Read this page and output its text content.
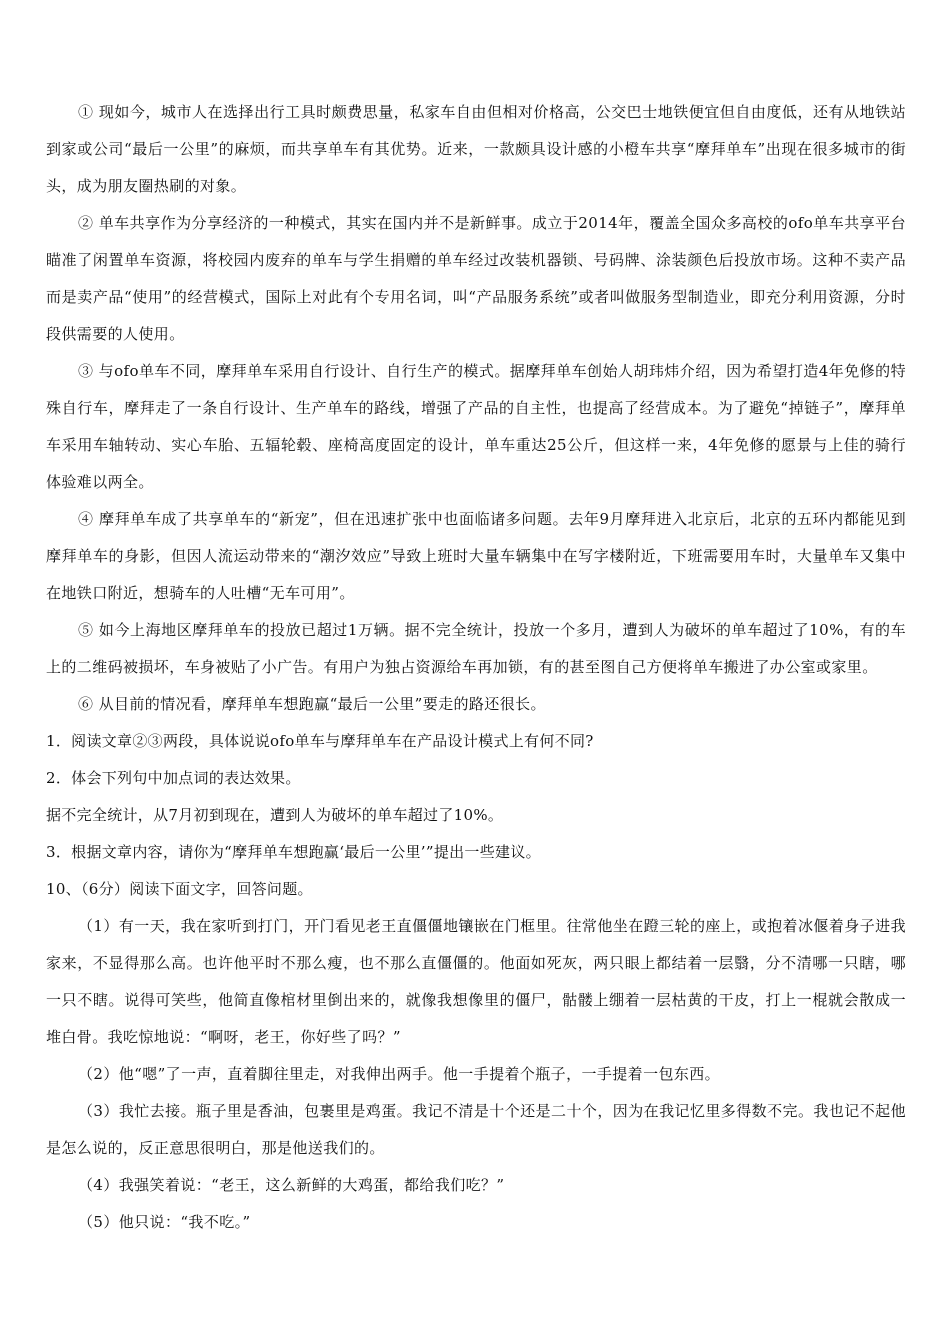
① 现如今，城市人在选择出行工具时颇费思量，私家车自由但相对价格高，公交巴士地铁便宜但自由度低，还有从地铁站到家或公司“最后一公里”的麻烦，而共享单车有其优势。近来，一款颇具设计感的小橙车共享“摩拜单车”出现在很多城市的街头，成为朋友圈热刷的对象。

② 单车共享作为分享经济的一种模式，其实在国内并不是新鲜事。成立于2014年，覆盖全国众多高校的ofo单车共享平台瞄准了闲置单车资源，将校园内废弃的单车与学生捐赠的单车经过改装机器锁、号码牌、涂装颜色后投放市场。这种不卖产品而是卖产品“使用”的经营模式，国际上对此有个专用名词，叫“产品服务系统”或者叫做服务型制造业，即充分利用资源，分时段供需要的人使用。

③ 与ofo单车不同，摩拜单车采用自行设计、自行生产的模式。据摩拜单车创始人胡玮炜介绍，因为希望打造4年免修的特殊自行车，摩拜走了一条自行设计、生产单车的路线，增强了产品的自主性，也提高了经营成本。为了避免“掉链子”，摩拜单车采用车轴转动、实心车胎、五辐轮毂、座椅高度固定的设计，单车重达25公斤，但这样一来，4年免修的愿景与上佳的骑行体验难以两全。

④ 摩拜单车成了共享单车的“新宠”，但在迅速扩张中也面临诸多问题。去年9月摩拜进入北京后，北京的五环内都能见到摩拜单车的身影，但因人流运动带来的“潮汐效应”导致上班时大量车辆集中在写字楼附近，下班需要用车时，大量单车又集中在地铁口附近，想骑车的人吐槽“无车可用”。

⑤ 如今上海地区摩拜单车的投放已超过1万辆。据不完全统计，投放一个多月，遭到人为破坏的单车超过了10%，有的车上的二维码被损坏，车身被贴了小广告。有用户为独占资源给车再加锁，有的甚至图自己方便将单车搬进了办公室或家里。

⑥ 从目前的情况看，摩拜单车想跑赢“最后一公里”要走的路还很长。

1．阅读文章②③两段，具体说说ofo单车与摩拜单车在产品设计模式上有何不同?

2．体会下列句中加点词的表达效果。

据不完全统计，从7月初到现在，遭到人为破坏的单车超过了10%。

3．根据文章内容，请你为“摩拜单车想跑赢‘最后一公里’”提出一些建议。

10、（6分）阅读下面文字，回答问题。

（1）有一天，我在家听到打门，开门看见老王直僵僵地镶嵌在门框里。往常他坐在蹬三轮的座上，或抱着冰偃着身子进我家来，不显得那么高。也许他平时不那么瘦，也不那么直僵僵的。他面如死灰，两只眼上都结着一层翳，分不清哪一只瞎，哪一只不瞎。说得可笑些，他简直像棺材里倒出来的，就像我想像里的僵尸，骷髅上绷着一层枯黄的干皮，打上一棍就会散成一堆白骨。我吃惊地说：“啊呀，老王，你好些了吗？”

（2）他“嗯”了一声，直着脚往里走，对我伸出两手。他一手提着个瓶子，一手提着一包东西。

（3）我忙去接。瓶子里是香油，包裹里是鸡蛋。我记不清是十个还是二十个，因为在我记忆里多得数不完。我也记不起他是怎么说的，反正意思很明白，那是他送我们的。

（4）我强笑着说：“老王，这么新鲜的大鸡蛋，都给我们吃？”

（5）他只说：“我不吃。”
